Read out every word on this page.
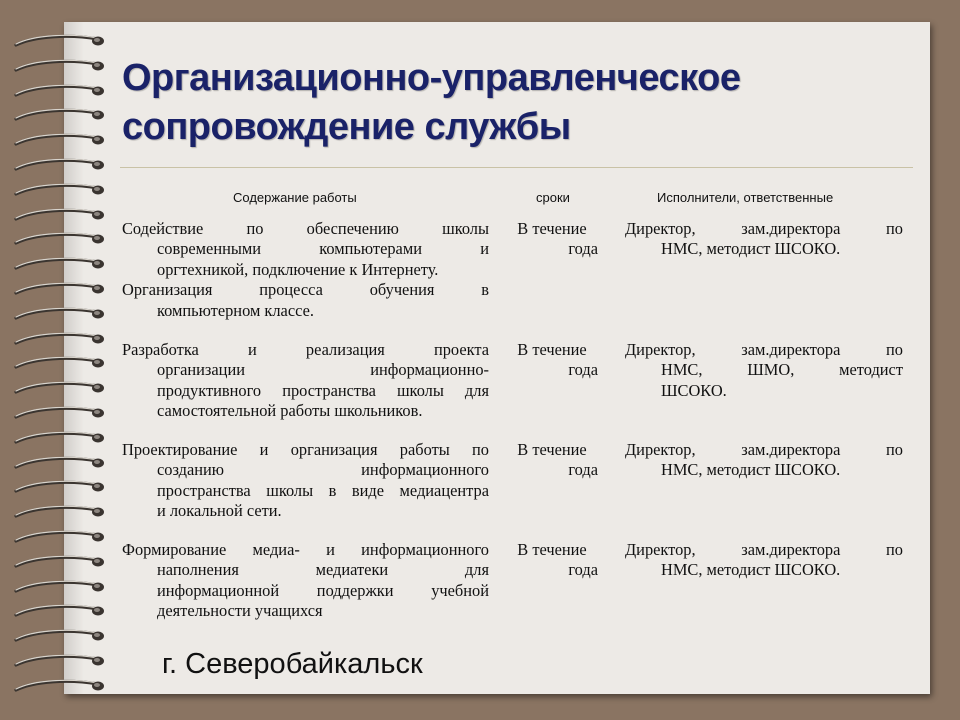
Организационно-управленческое
сопровождение службы
Содержание работы	сроки	Исполнители, ответственные
Содействие по обеспечению школы
современными компьютерами и
оргтехникой, подключение к Интернету.
Организация процесса обучения в
компьютерном классе.
В течение
года
Директор, зам.директора по
НМС, методист ШСОКО.
Разработка и реализация проекта
организации информационно-
продуктивного пространства школы для
самостоятельной работы школьников.
В течение
года
Директор, зам.директора по
НМС, ШМО, методист
ШСОКО.
Проектирование и организация работы по
созданию информационного
пространства школы в виде медиацентра
и локальной сети.
В течение
года
Директор, зам.директора по
НМС, методист ШСОКО.
Формирование медиа- и информационного
наполнения медиатеки для
информационной поддержки учебной
деятельности учащихся
В течение
года
Директор, зам.директора по
НМС, методист ШСОКО.
г. Северобайкальск
